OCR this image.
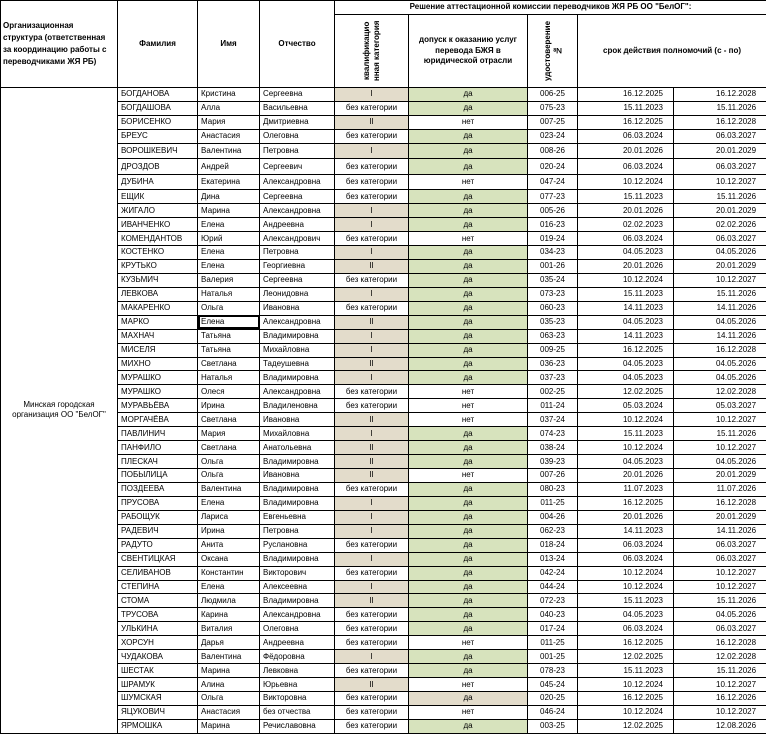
Организационная структура (ответственная за координацию работы с переводчиками ЖЯ РБ)	Фамилия	Имя	Отчество	Решение аттестационной комиссии переводчиков ЖЯ РБ ОО "БелОГ":				

				квалификацио нная категория	допуск к оказанию услуг перевода БЖЯ в юридической отрасли	удостоверение №	срок действия полномочий (с - по)	
Минская городская организация ОО "БелОГ"	БОГДАНОВА	Кристина	Сергеевна	I	да	006-25	16.12.2025	16.12.2028
	БОГДАШОВА	Алла	Васильевна	без категории	да	075-23	15.11.2023	15.11.2026
	БОРИСЕНКО	Мария	Дмитриевна	II	нет	007-25	16.12.2025	16.12.2028
	БРЕУС	Анастасия	Олеговна	без категории	да	023-24	06.03.2024	06.03.2027
	ВОРОШКЕВИЧ	Валентина	Петровна	I	да	008-26	20.01.2026	20.01.2029
	ДРОЗДОВ	Андрей	Сергеевич	без категории	да	020-24	06.03.2024	06.03.2027
	ДУБИНА	Екатерина	Александровна	без категории	нет	047-24	10.12.2024	10.12.2027
	ЕЩИК	Дина	Сергеевна	без категории	да	077-23	15.11.2023	15.11.2026
	ЖИГАЛО	Марина	Александровна	I	да	005-26	20.01.2026	20.01.2029
	ИВАНЧЕНКО	Елена	Андреевна	I	да	016-23	02.02.2023	02.02.2026
	КОМЕНДАНТОВ	Юрий	Александрович	без категории	нет	019-24	06.03.2024	06.03.2027
	КОСТЕНКО	Елена	Петровна	I	да	034-23	04.05.2023	04.05.2026
	КРУТЬКО	Елена	Георгиевна	II	да	001-26	20.01.2026	20.01.2029
	КУЗЬМИЧ	Валерия	Сергеевна	без категории	да	035-24	10.12.2024	10.12.2027
	ЛЕВКОВА	Наталья	Леонидовна	I	да	073-23	15.11.2023	15.11.2026
	МАКАРЕНКО	Ольга	Ивановна	без категории	да	060-23	14.11.2023	14.11.2026
	МАРКО	Елена	Александровна	II	да	035-23	04.05.2023	04.05.2026
	МАХНАЧ	Татьяна	Владимировна	I	да	063-23	14.11.2023	14.11.2026
	МИСЕЛЯ	Татьяна	Михайловна	I	да	009-25	16.12.2025	16.12.2028
	МИХНО	Светлана	Тадеушевна	II	да	036-23	04.05.2023	04.05.2026
	МУРАШКО	Наталья	Владимировна	I	да	037-23	04.05.2023	04.05.2026
	МУРАШКО	Олеся	Александровна	без категории	нет	002-25	12.02.2025	12.02.2028
	МУРАВЬЁВА	Ирина	Владиленовна	без категории	нет	011-24	05.03.2024	05.03.2027
	МОРГАЧЁВА	Светлана	Ивановна	II	нет	037-24	10.12.2024	10.12.2027
	ПАВЛИНИЧ	Мария	Михайловна	I	да	074-23	15.11.2023	15.11.2026
	ПАНФИЛО	Светлана	Анатольевна	II	да	038-24	10.12.2024	10.12.2027
	ПЛЕСКАЧ	Ольга	Владимировна	II	да	039-23	04.05.2023	04.05.2026
	ПОБЫЛИЦА	Ольга	Ивановна	II	нет	007-26	20.01.2026	20.01.2029
	ПОЗДЕЕВА	Валентина	Владимировна	без категории	да	080-23	11.07.2023	11.07.2026
	ПРУСОВА	Елена	Владимировна	I	да	011-25	16.12.2025	16.12.2028
	РАБОЩУК	Лариса	Евгеньевна	I	да	004-26	20.01.2026	20.01.2029
	РАДЕВИЧ	Ирина	Петровна	I	да	062-23	14.11.2023	14.11.2026
	РАДУТО	Анита	Руслановна	без категории	да	018-24	06.03.2024	06.03.2027
	СВЕНТИЦКАЯ	Оксана	Владимировна	I	да	013-24	06.03.2024	06.03.2027
	СЕЛИВАНОВ	Константин	Викторович	без категории	да	042-24	10.12.2024	10.12.2027
	СТЕПИНА	Елена	Алексеевна	I	да	044-24	10.12.2024	10.12.2027
	СТОМА	Людмила	Владимировна	II	да	072-23	15.11.2023	15.11.2026
	ТРУСОВА	Карина	Александровна	без категории	да	040-23	04.05.2023	04.05.2026
	УЛЬКИНА	Виталия	Олеговна	без категории	да	017-24	06.03.2024	06.03.2027
	ХОРСУН	Дарья	Андреевна	без категории	нет	011-25	16.12.2025	16.12.2028
	ЧУДАКОВА	Валентина	Фёдоровна	I	да	001-25	12.02.2025	12.02.2028
	ШЕСТАК	Марина	Левковна	без категории	да	078-23	15.11.2023	15.11.2026
	ШРАМУК	Алина	Юрьевна	II	нет	045-24	10.12.2024	10.12.2027
	ШУМСКАЯ	Ольга	Викторовна	без категории	да	020-25	16.12.2025	16.12.2026
	ЯЦУКОВИЧ	Анастасия	без отчества	без категории	нет	046-24	10.12.2024	10.12.2027
	ЯРМОШКА	Марина	Речиславовна	без категории	да	003-25	12.02.2025	12.08.2026
